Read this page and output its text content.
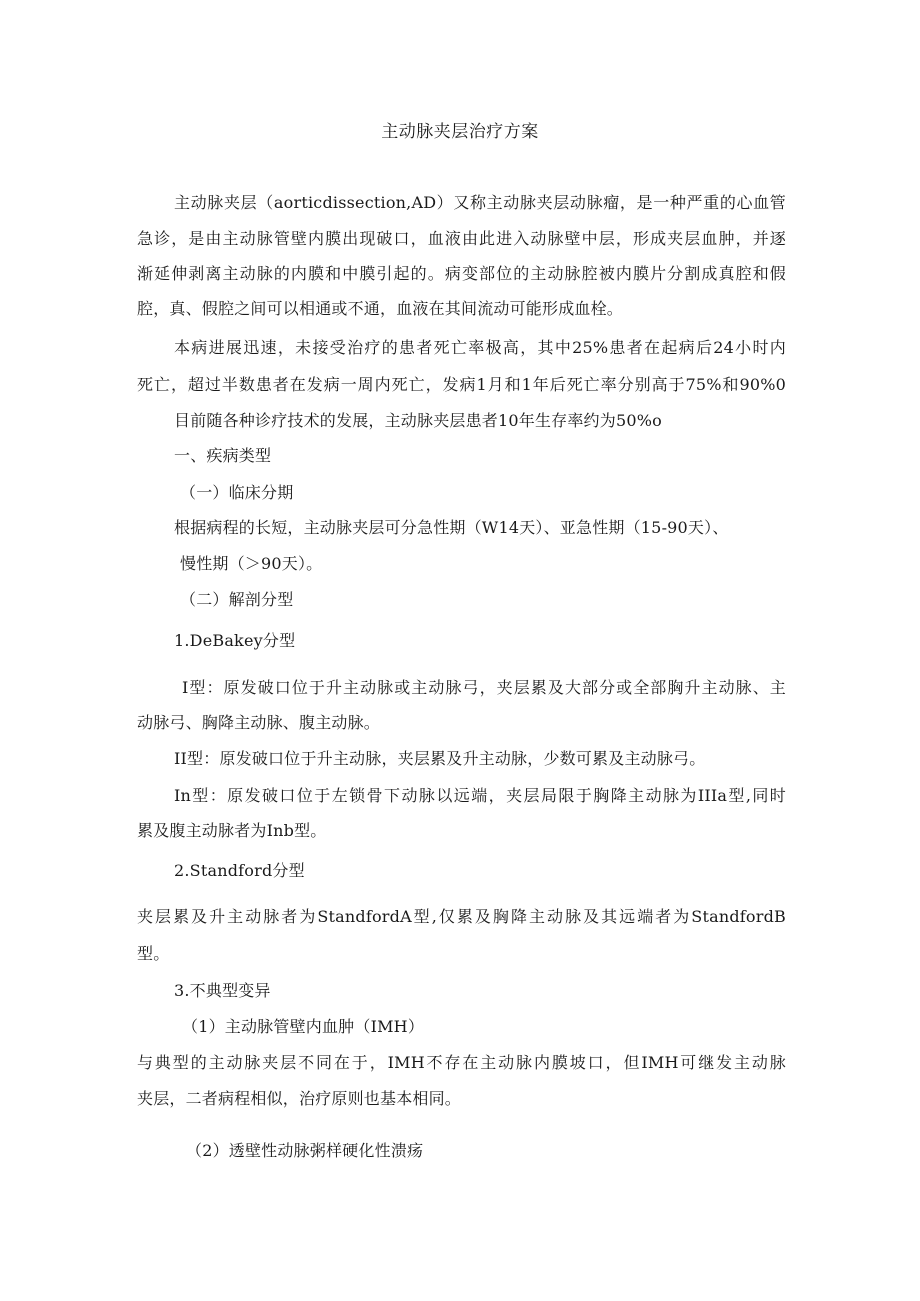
主动脉夹层治疗方案
主动脉夹层（aorticdissection,AD）又称主动脉夹层动脉瘤，是一种严重的心血管
急诊，是由主动脉管壁内膜出现破口，血液由此进入动脉壁中层，形成夹层血肿，并逐
渐延伸剥离主动脉的内膜和中膜引起的。病变部位的主动脉腔被内膜片分割成真腔和假
腔，真、假腔之间可以相通或不通，血液在其间流动可能形成血栓。
本病进展迅速，未接受治疗的患者死亡率极高，其中25%患者在起病后24小时内
死亡，超过半数患者在发病一周内死亡，发病1月和1年后死亡率分别高于75%和90%0
目前随各种诊疗技术的发展，主动脉夹层患者10年生存率约为50%o
一、疾病类型
（一）临床分期
根据病程的长短，主动脉夹层可分急性期（W14天）、亚急性期（15-90天）、
慢性期（＞90天）。
（二）解剖分型
1.DeBakey分型
I型：原发破口位于升主动脉或主动脉弓，夹层累及大部分或全部胸升主动脉、主
动脉弓、胸降主动脉、腹主动脉。
II型：原发破口位于升主动脉，夹层累及升主动脉，少数可累及主动脉弓。
In型：原发破口位于左锁骨下动脉以远端，夹层局限于胸降主动脉为IIIa型,同时
累及腹主动脉者为Inb型。
2.Standford分型
夹层累及升主动脉者为StandfordA型,仅累及胸降主动脉及其远端者为StandfordB
型。
3.不典型变异
（1）主动脉管壁内血肿（IMH）
与典型的主动脉夹层不同在于，IMH不存在主动脉内膜坡口，但IMH可继发主动脉
夹层，二者病程相似，治疗原则也基本相同。
（2）透壁性动脉粥样硬化性溃疡
